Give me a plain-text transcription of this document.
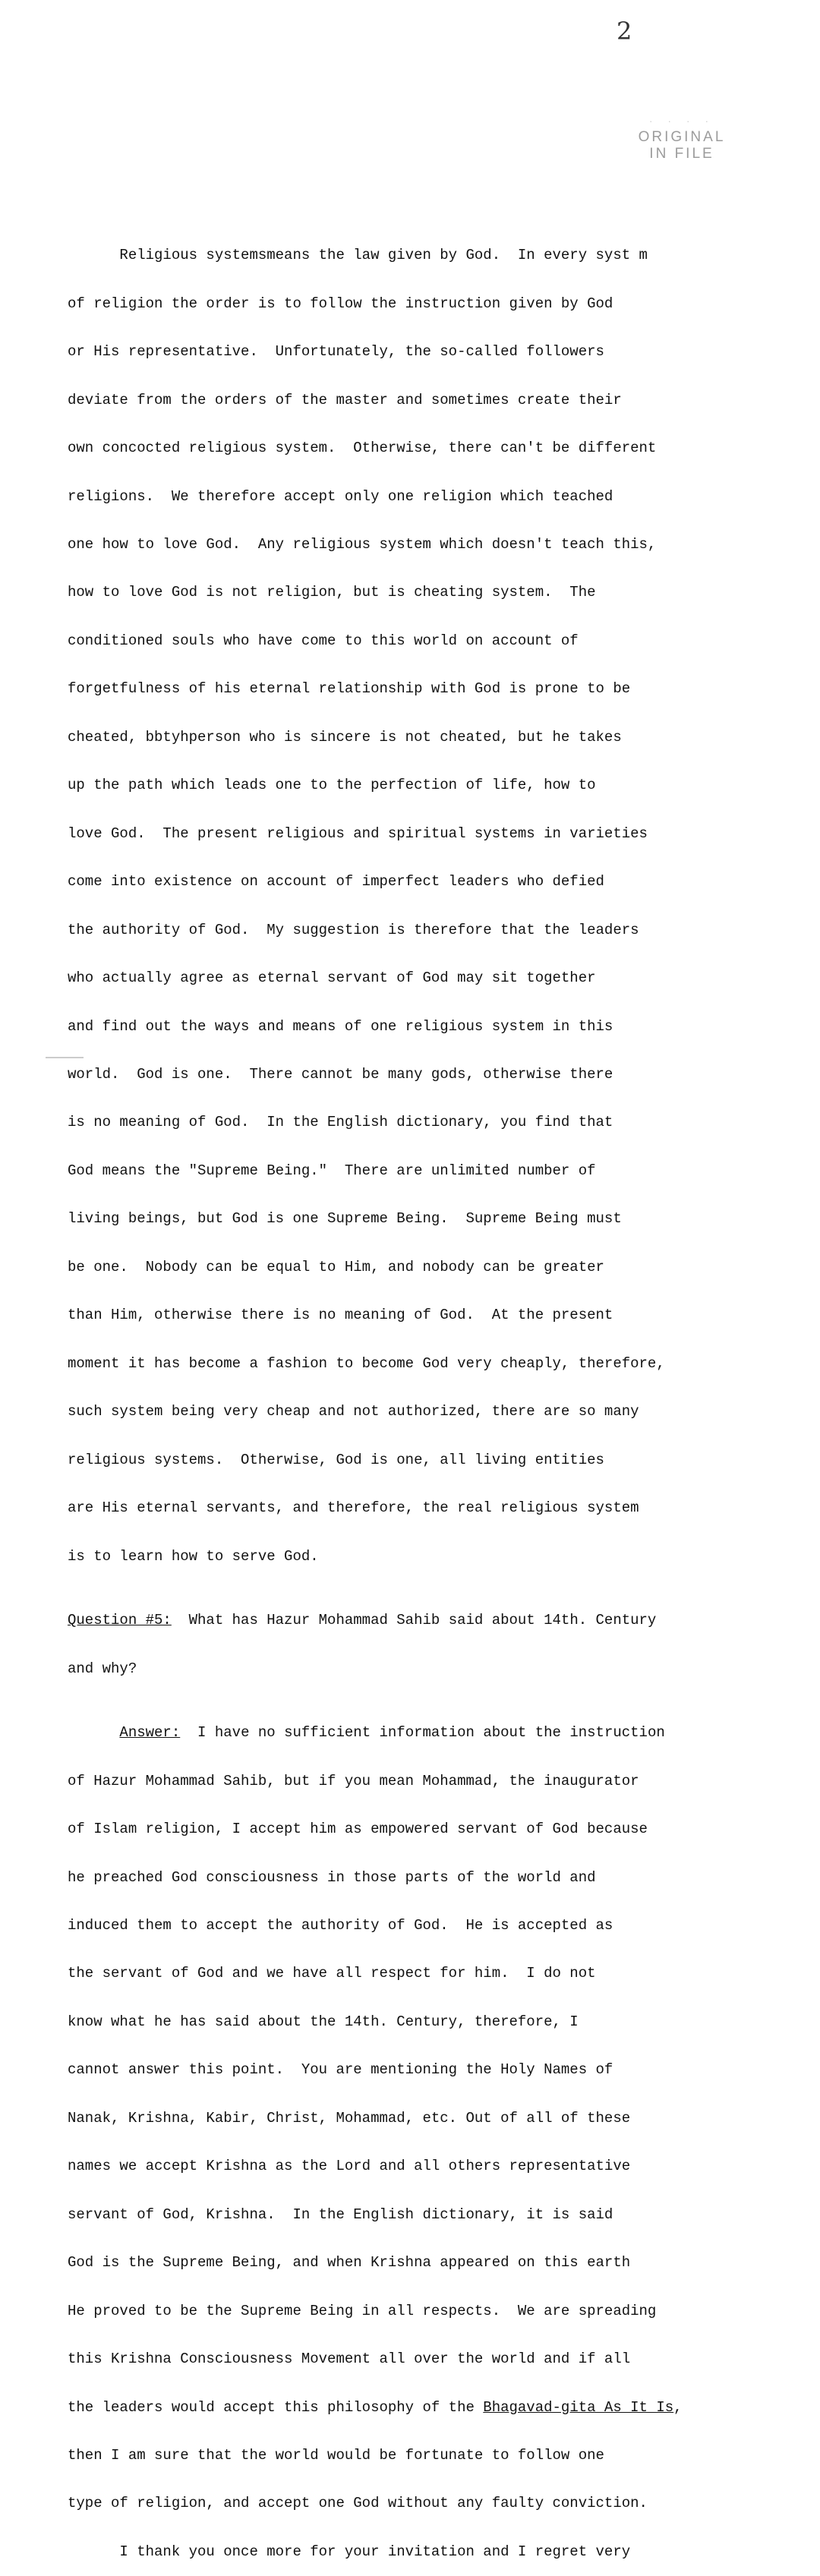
2
· · · ·
ORIGINAL
IN FILE

Religious systemsmeans the law given by God.  In every syst m

of religion the order is to follow the instruction given by God

or His representative.  Unfortunately, the so-called followers

deviate from the orders of the master and sometimes create their

own concocted religious system.  Otherwise, there can't be different

religions.  We therefore accept only one religion which teached

one how to love God.  Any religious system which doesn't teach this,

how to love God is not religion, but is cheating system.  The

conditioned souls who have come to this world on account of

forgetfulness of his eternal relationship with God is prone to be

cheated, bbtyhperson who is sincere is not cheated, but he takes

up the path which leads one to the perfection of life, how to

love God.  The present religious and spiritual systems in varieties

come into existence on account of imperfect leaders who defied

the authority of God.  My suggestion is therefore that the leaders

who actually agree as eternal servant of God may sit together

and find out the ways and means of one religious system in this

world.  God is one.  There cannot be many gods, otherwise there

is no meaning of God.  In the English dictionary, you find that

God means the "Supreme Being."  There are unlimited number of

living beings, but God is one Supreme Being.  Supreme Being must

be one.  Nobody can be equal to Him, and nobody can be greater

than Him, otherwise there is no meaning of God.  At the present

moment it has become a fashion to become God very cheaply, therefore,

such system being very cheap and not authorized, there are so many

religious systems.  Otherwise, God is one, all living entities

are His eternal servants, and therefore, the real religious system

is to learn how to serve God.

Question #5:  What has Hazur Mohammad Sahib said about 14th. Century

and why?

Answer:  I have no sufficient information about the instruction

of Hazur Mohammad Sahib, but if you mean Mohammad, the inaugurator

of Islam religion, I accept him as empowered servant of God because

he preached God consciousness in those parts of the world and

induced them to accept the authority of God.  He is accepted as

the servant of God and we have all respect for him.  I do not

know what he has said about the 14th. Century, therefore, I

cannot answer this point.  You are mentioning the Holy Names of

Nanak, Krishna, Kabir, Christ, Mohammad, etc. Out of all of these

names we accept Krishna as the Lord and all others representative

servant of God, Krishna.  In the English dictionary, it is said

God is the Supreme Being, and when Krishna appeared on this earth

He proved to be the Supreme Being in all respects.  We are spreading

this Krishna Consciousness Movement all over the world and if all

the leaders would accept this philosophy of the Bhagavad-gita As It Is,

then I am sure that the world would be fortunate to follow one

type of religion, and accept one God without any faulty conviction.

I thank you once more for your invitation and I regret very
